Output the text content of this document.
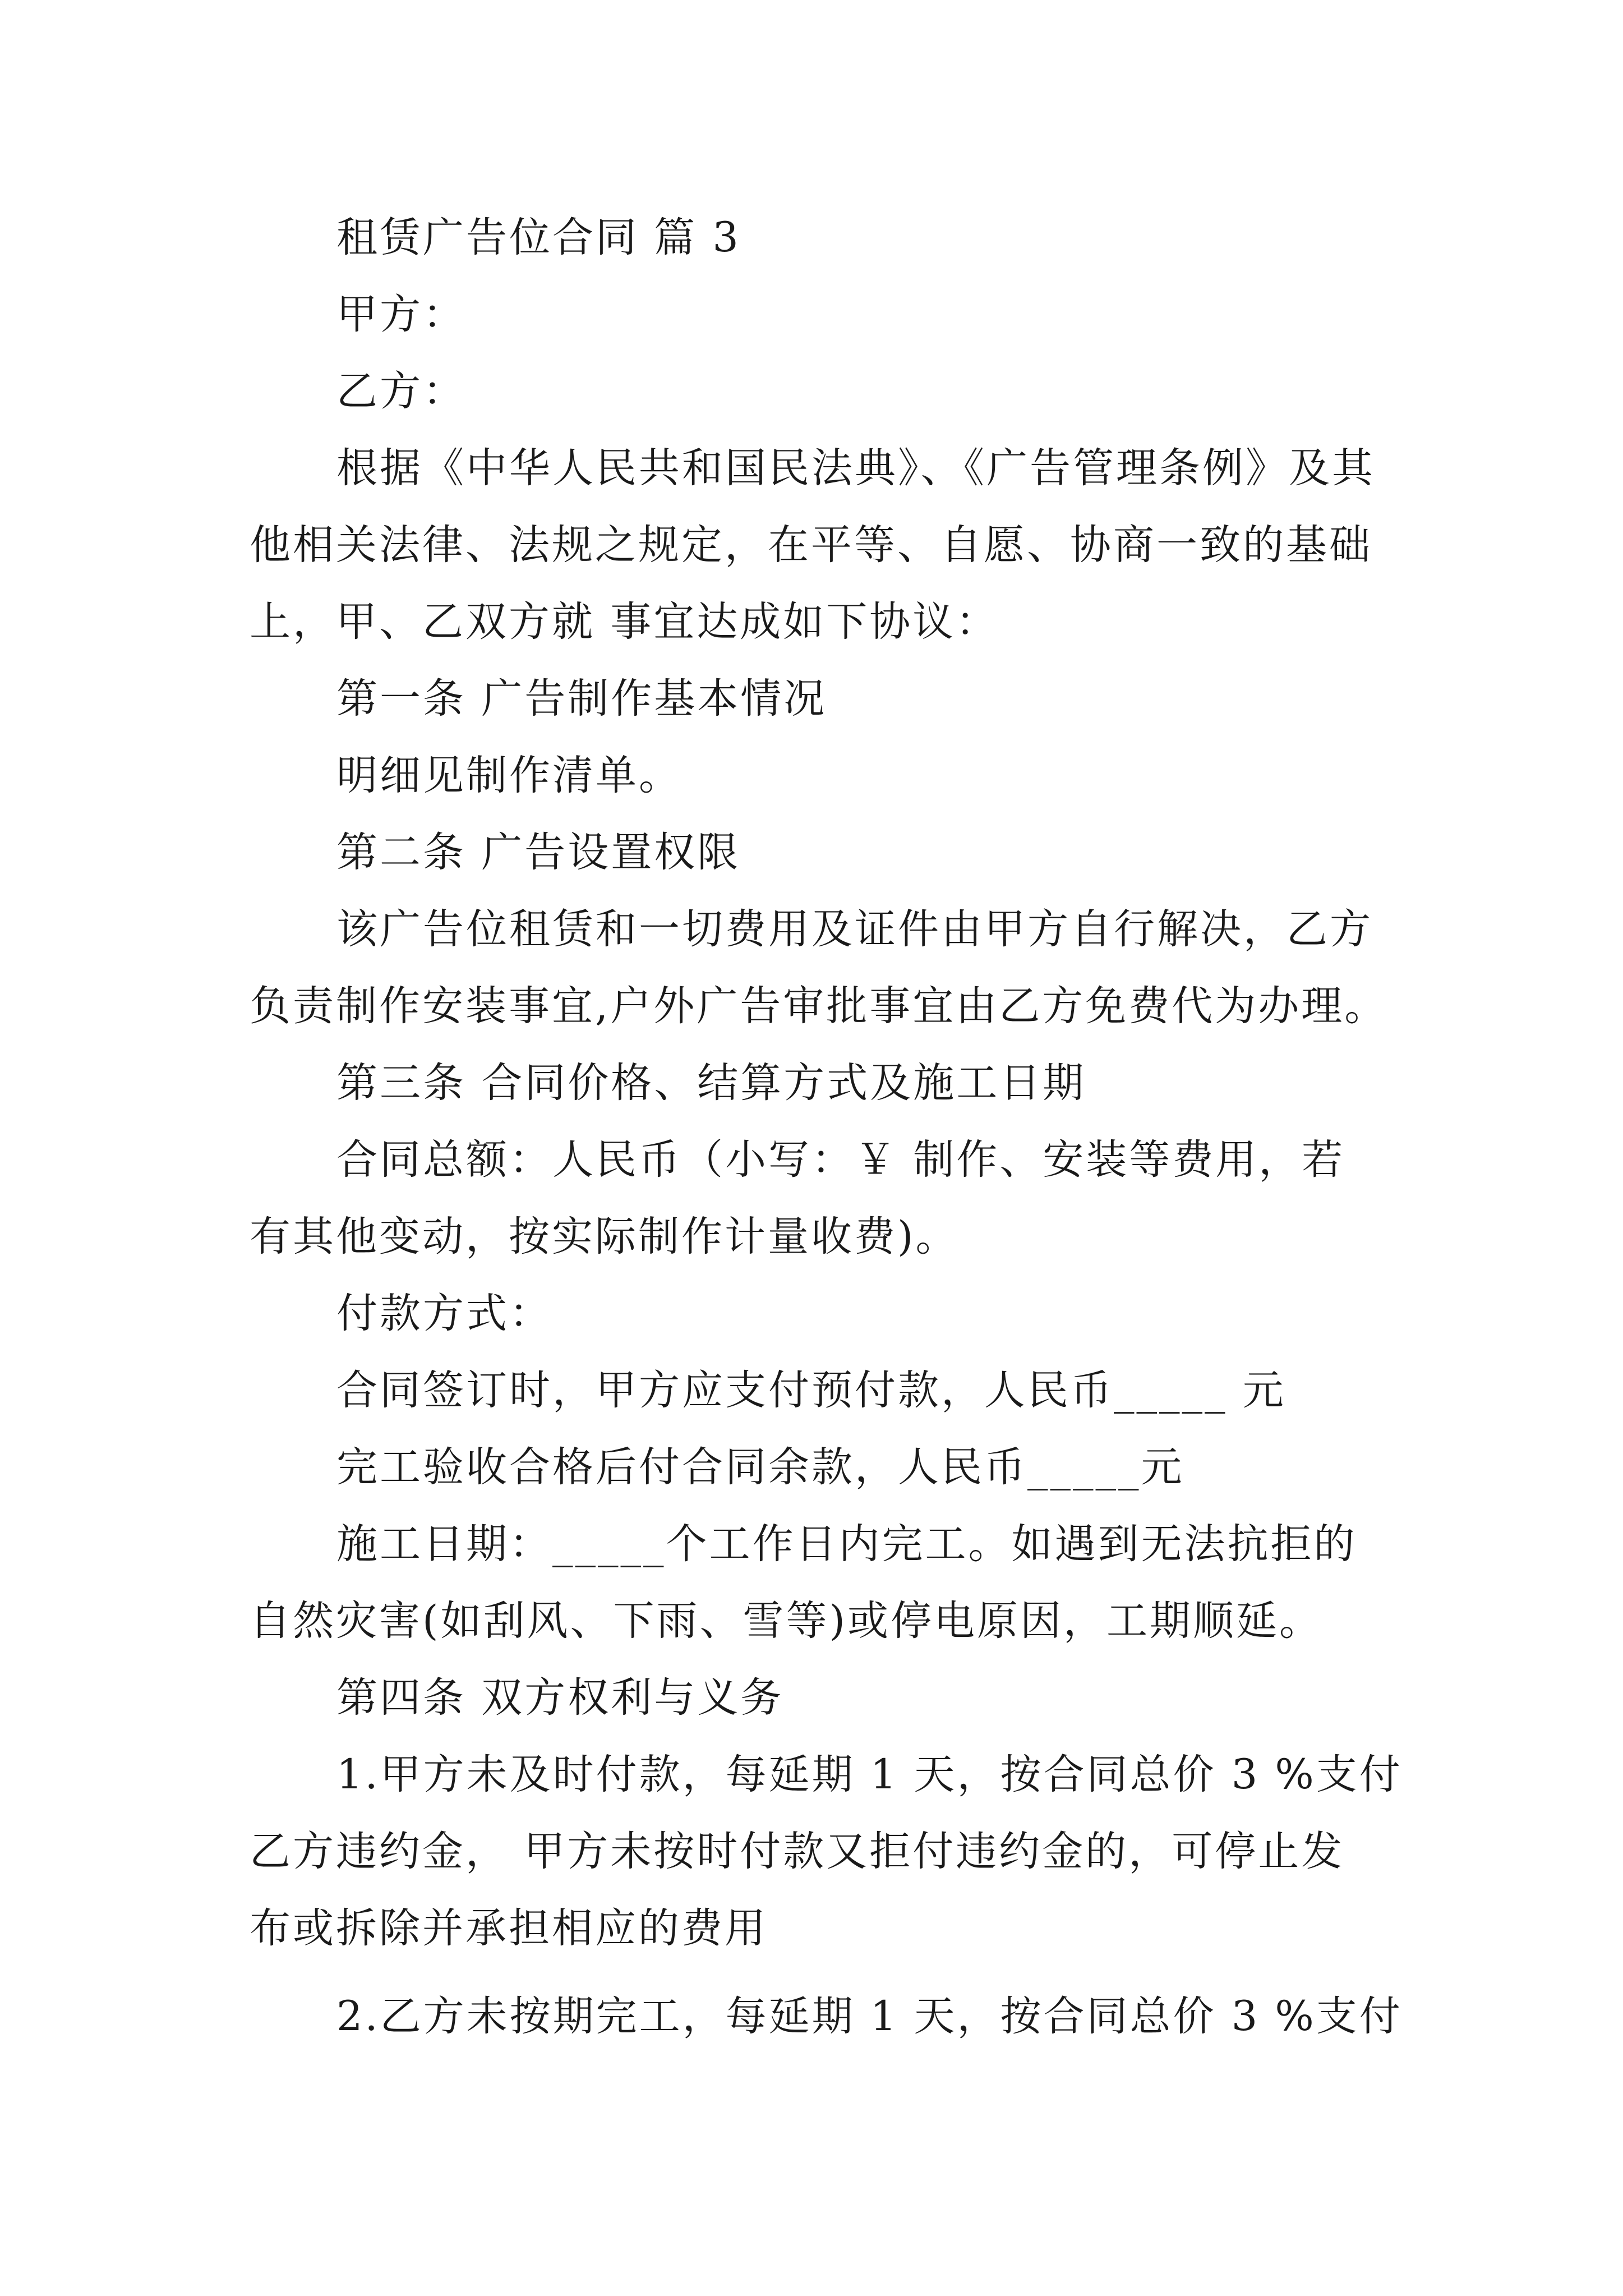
租赁广告位合同 篇 3
甲方：
乙方：
根据《中华人民共和国民法典》、《广告管理条例》及其
他相关法律、法规之规定，在平等、自愿、协商一致的基础
上，甲、乙双方就 事宜达成如下协议：
第一条 广告制作基本情况
明细见制作清单。
第二条 广告设置权限
该广告位租赁和一切费用及证件由甲方自行解决，乙方
负责制作安装事宜,户外广告审批事宜由乙方免费代为办理。
第三条 合同价格、结算方式及施工日期
合同总额：人民币（小写：￥ 制作、安装等费用，若
有其他变动，按实际制作计量收费)。
付款方式：
合同签订时，甲方应支付预付款，人民币_____ 元
完工验收合格后付合同余款，人民币_____元
施工日期：_____个工作日内完工。如遇到无法抗拒的
自然灾害(如刮风、下雨、雪等)或停电原因，工期顺延。
第四条 双方权利与义务
1.甲方未及时付款，每延期 1 天，按合同总价 3 %支付
乙方违约金， 甲方未按时付款又拒付违约金的，可停止发
布或拆除并承担相应的费用
2.乙方未按期完工，每延期 1 天，按合同总价 3 %支付
